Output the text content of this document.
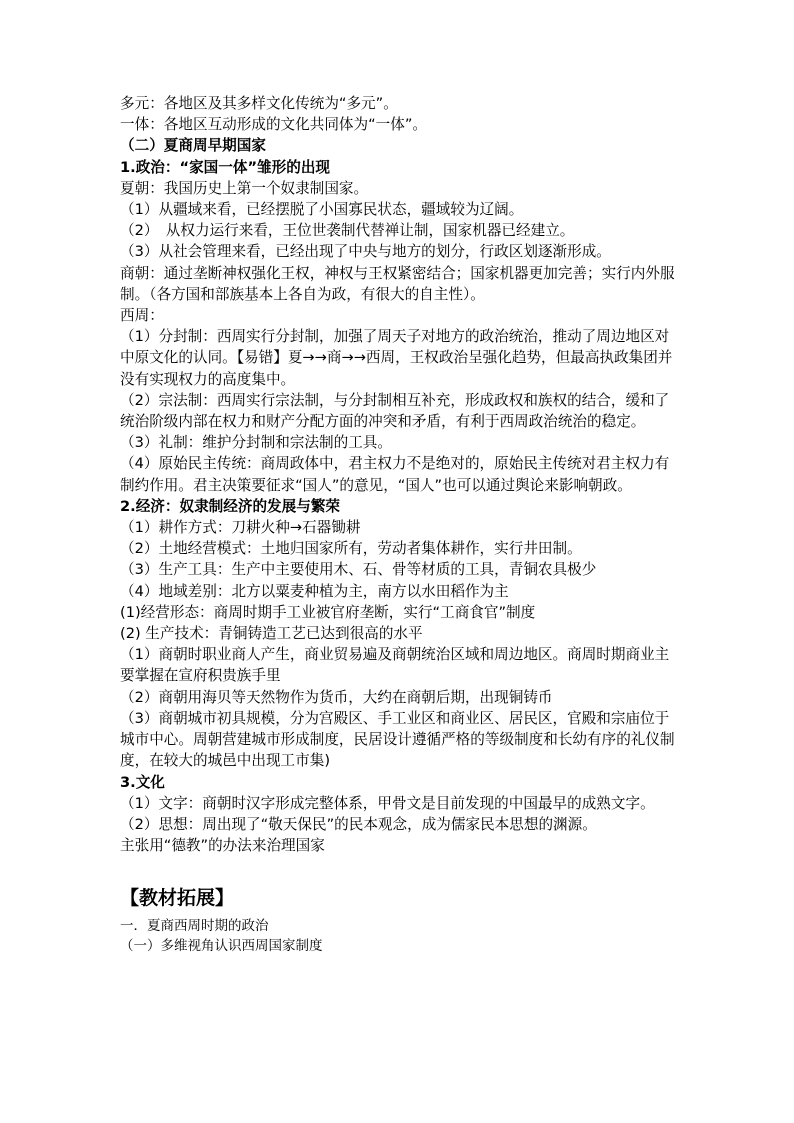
多元：各地区及其多样文化传统为“多元”。
一体：各地区互动形成的文化共同体为“一体”。
（二）夏商周早期国家
1.政治：“家国一体”雏形的出现
夏朝：我国历史上第一个奴隶制国家。
（1）从疆域来看，已经摆脱了小国寡民状态，疆域较为辽阔。
（2）　从权力运行来看，王位世袭制代替禅让制，国家机器已经建立。
（3）从社会管理来看，已经出现了中央与地方的划分，行政区划逐渐形成。
商朝：通过垄断神权强化王权，神权与王权紧密结合；国家机器更加完善；实行内外服制。（各方国和部族基本上各自为政，有很大的自主性）。
西周：
（1）分封制：西周实行分封制，加强了周天子对地方的政治统治，推动了周边地区对中原文化的认同。【易错】夏→→商→→西周，王权政治呈强化趋势，但最高执政集团并没有实现权力的高度集中。
（2）宗法制：西周实行宗法制，与分封制相互补充，形成政权和族权的结合，缓和了统治阶级内部在权力和财产分配方面的冲突和矛盾，有利于西周政治统治的稳定。
（3）礼制：维护分封制和宗法制的工具。
（4）原始民主传统：商周政体中，君主权力不是绝对的，原始民主传统对君主权力有制约作用。君主决策要征求“国人”的意见，“国人”也可以通过舆论来影响朝政。
2.经济：奴隶制经济的发展与繁荣
（1）耕作方式：刀耕火种→石器锄耕
（2）土地经营模式：土地归国家所有，劳动者集体耕作，实行井田制。
（3）生产工具：生产中主要使用木、石、骨等材质的工具，青铜农具极少
（4）地域差别：北方以粟麦种植为主，南方以水田稻作为主
(1)经营形态：商周时期手工业被官府垄断，实行“工商食官”制度
(2) 生产技术：青铜铸造工艺已达到很高的水平
（1）商朝时职业商人产生，商业贸易遍及商朝统治区域和周边地区。商周时期商业主要掌握在宣府积贵族手里
（2）商朝用海贝等天然物作为货币，大约在商朝后期，出现铜铸币
（3）商朝城市初具规模，分为宫殿区、手工业区和商业区、居民区，官殿和宗庙位于城市中心。周朝营建城市形成制度，民居设计遵循严格的等级制度和长幼有序的礼仪制度，在较大的城邑中出现工市集)
3.文化
（1）文字：商朝时汉字形成完整体系，甲骨文是目前发现的中国最早的成熟文字。
（2）思想：周出现了“敬天保民”的民本观念，成为儒家民本思想的渊源。
主张用“德教”的办法来治理国家
【教材拓展】
一．夏商西周时期的政治
（一）多维视角认识西周国家制度
